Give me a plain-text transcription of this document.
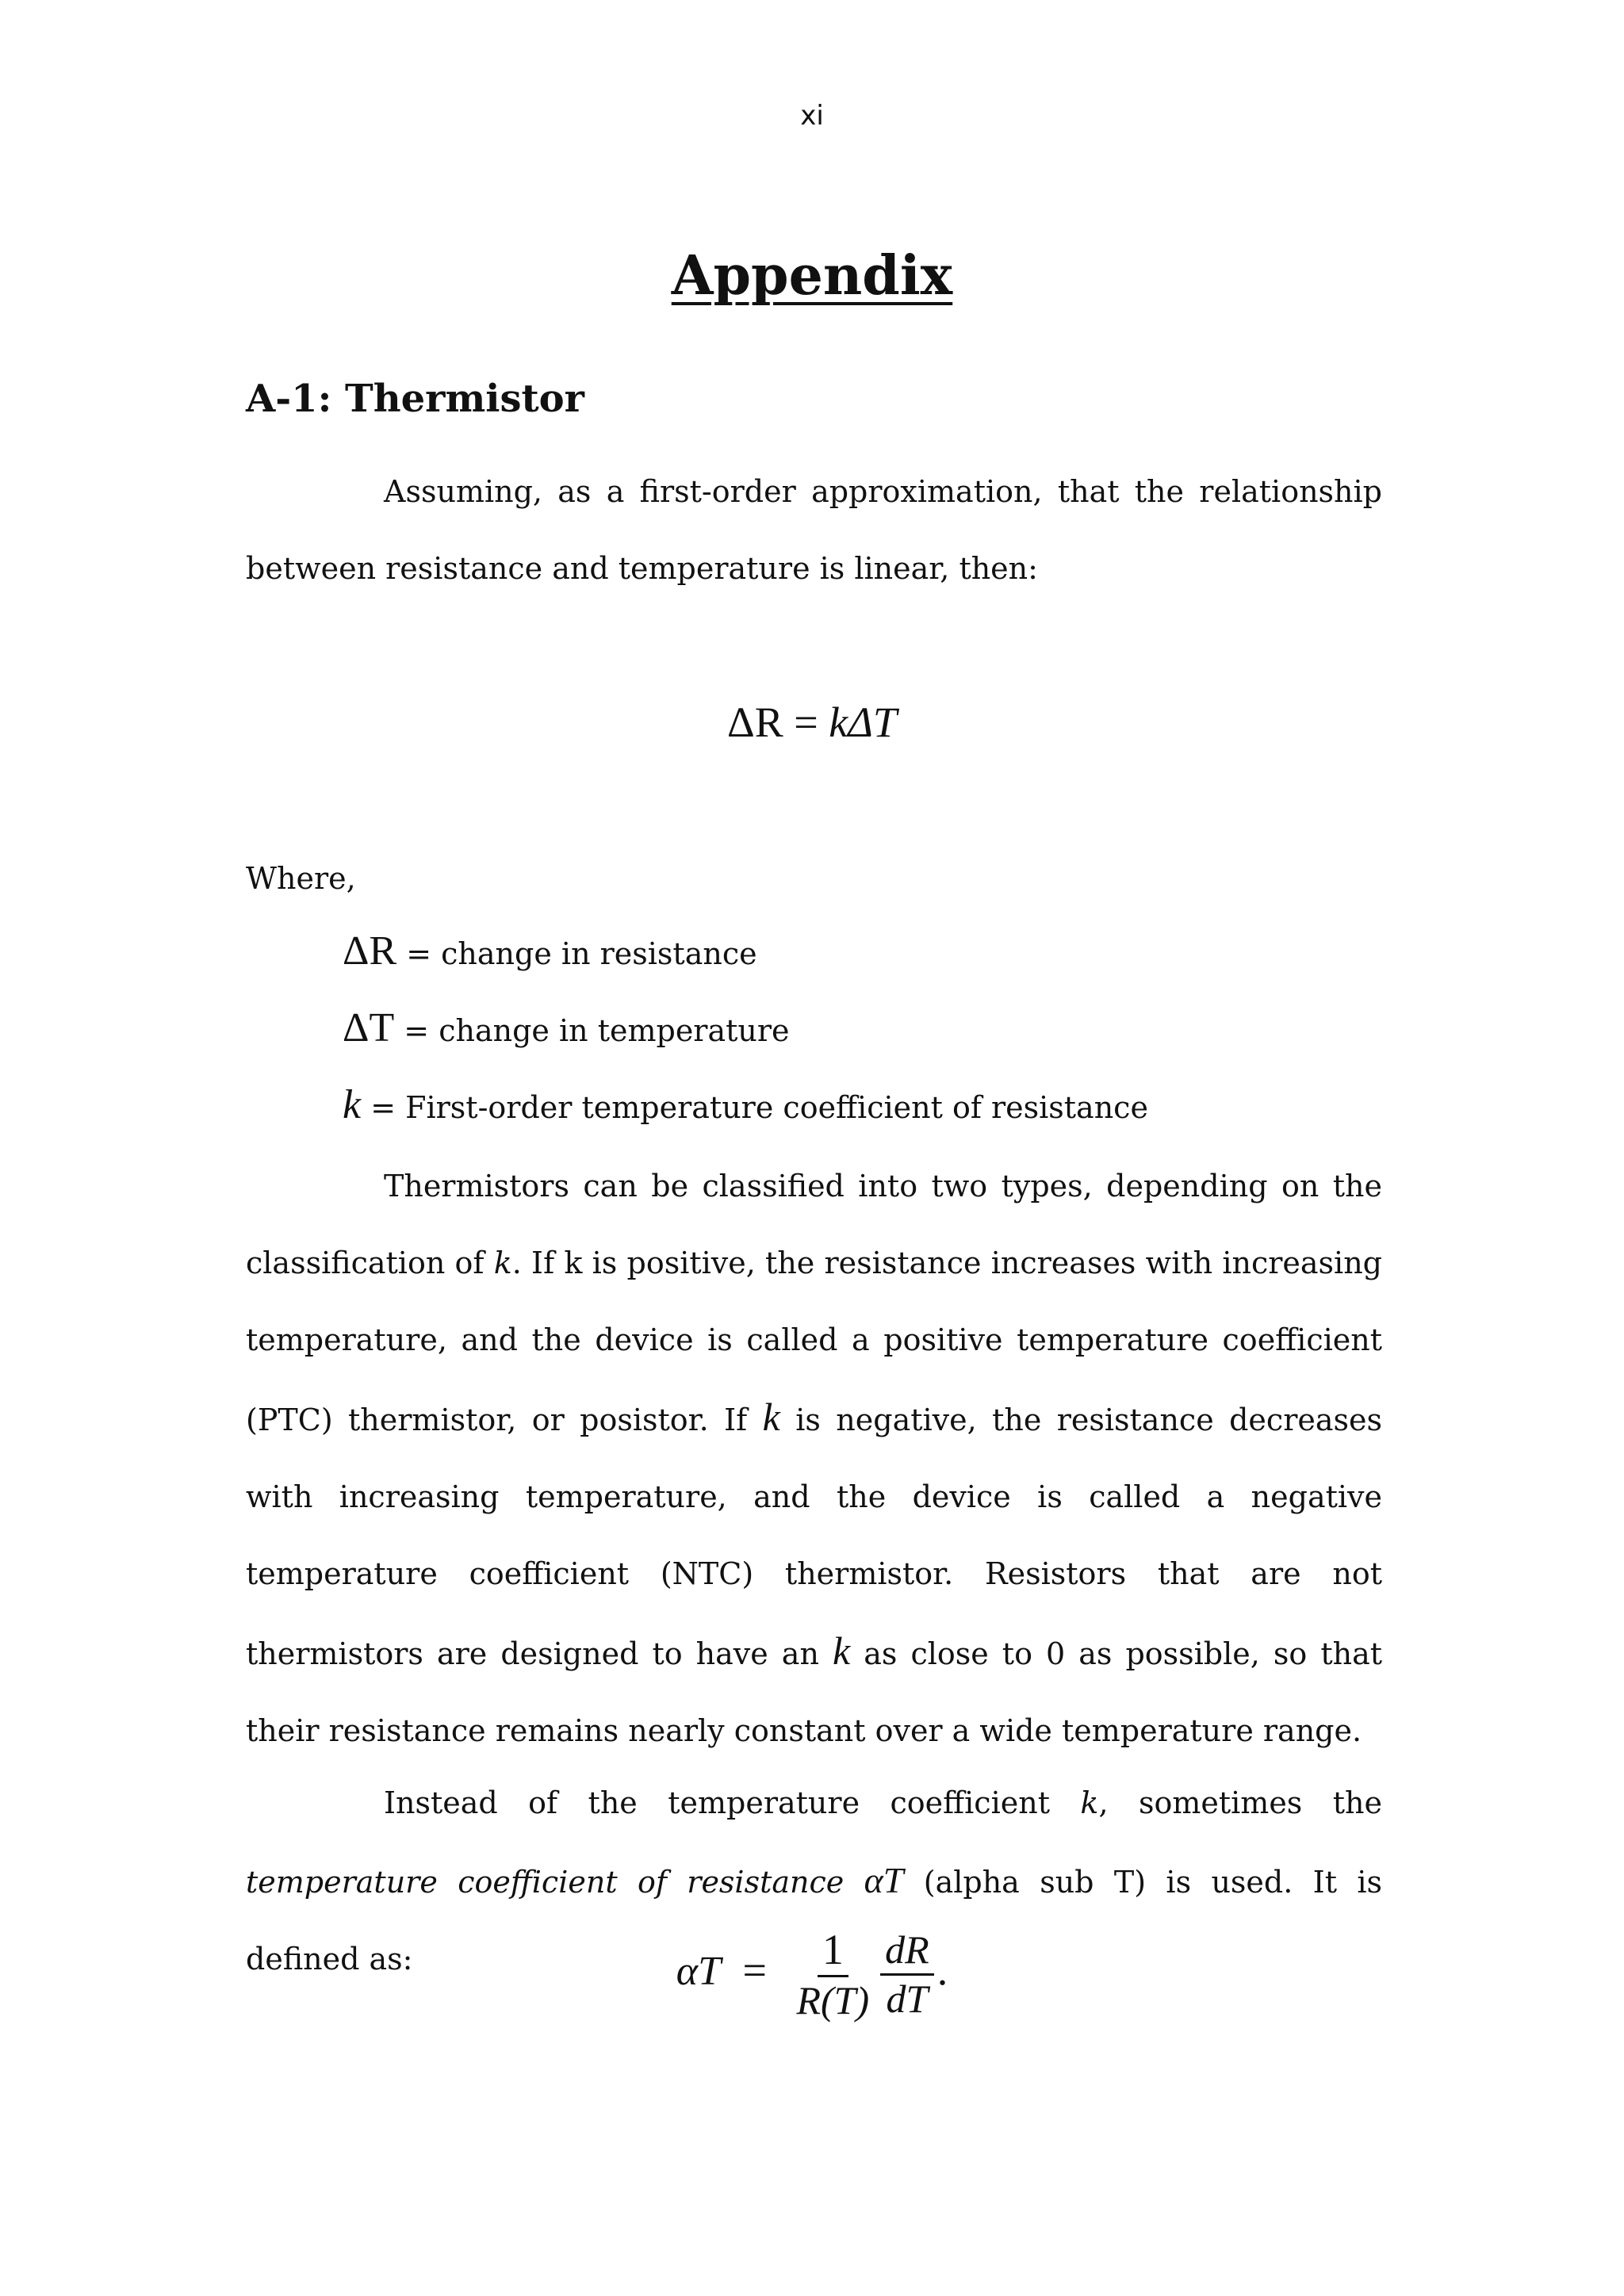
xi
Appendix
A-1: Thermistor

Assuming, as a first-order approximation, that the relationship between resistance and temperature is linear, then:

ΔR = kΔT

Where,

ΔR = change in resistance
ΔT = change in temperature
k = First-order temperature coefficient of resistance

Thermistors can be classified into two types, depending on the classification of k. If k is positive, the resistance increases with increasing temperature, and the device is called a positive temperature coefficient (PTC) thermistor, or posistor. If k is negative, the resistance decreases with increasing temperature, and the device is called a negative temperature coefficient (NTC) thermistor. Resistors that are not thermistors are designed to have an k as close to 0 as possible, so that their resistance remains nearly constant over a wide temperature range.

Instead of the temperature coefficient k, sometimes the temperature coefficient of resistance αT (alpha sub T) is used. It is defined as:	$\alpha T = \frac{1}{R(T)} \frac{dR}{dT}$ .
